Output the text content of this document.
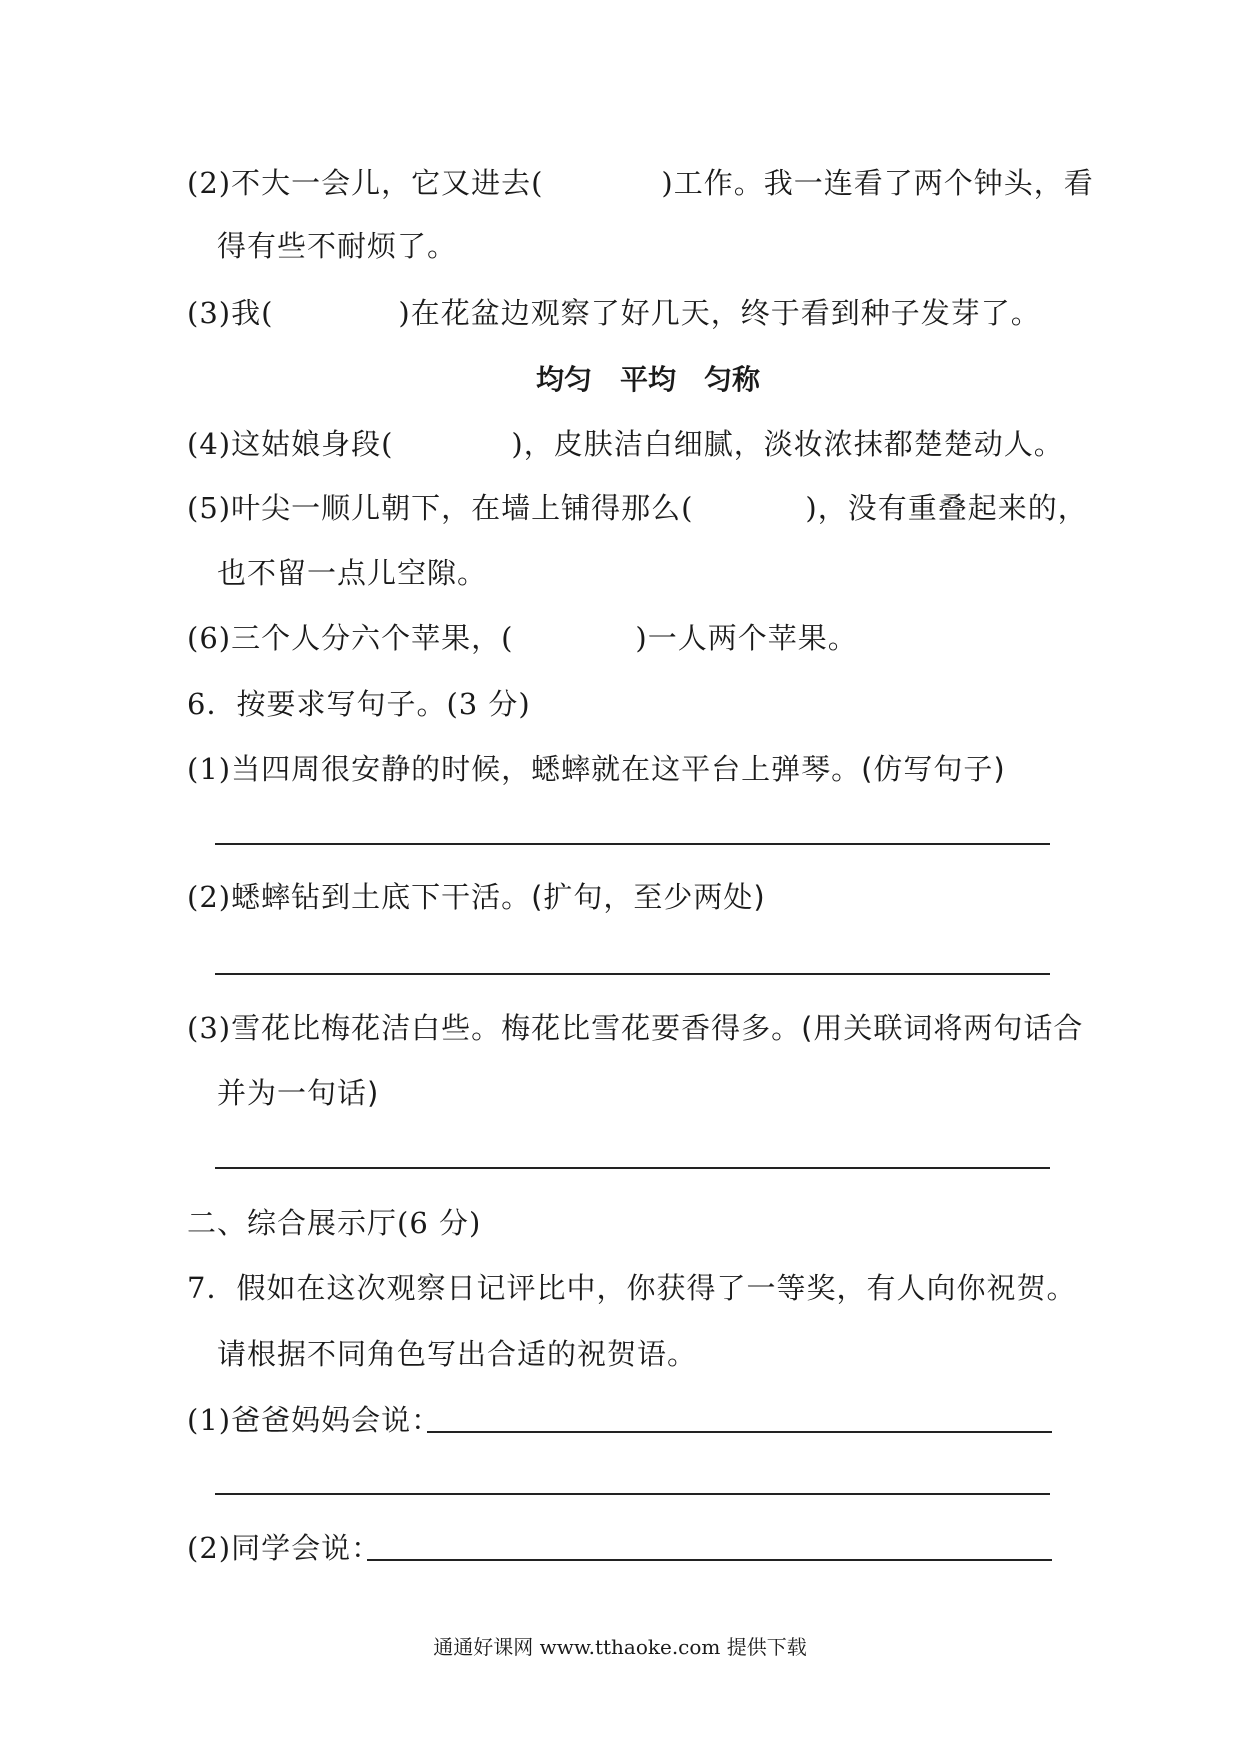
(2)不大一会儿，它又进去(	)工作。我一连看了两个钟头，看
得有些不耐烦了。
(3)我(	)在花盆边观察了好几天，终于看到种子发芽了。
均匀 平均 匀称
(4)这姑娘身段(	)，皮肤洁白细腻，淡妆浓抹都楚楚动人。
(5)叶尖一顺儿朝下，在墙上铺得那么(	)，没有重叠起来的，
也不留一点儿空隙。
(6)三个人分六个苹果，(	)一人两个苹果。
6．按要求写句子。(3 分)
(1)当四周很安静的时候，蟋蟀就在这平台上弹琴。(仿写句子)
(2)蟋蟀钻到土底下干活。(扩句，至少两处)
(3)雪花比梅花洁白些。梅花比雪花要香得多。(用关联词将两句话合
并为一句话)
二、综合展示厅(6 分)
7．假如在这次观察日记评比中，你获得了一等奖，有人向你祝贺。
请根据不同角色写出合适的祝贺语。
(1)爸爸妈妈会说：
(2)同学会说：
通通好课网 www.tthaoke.com 提供下载
